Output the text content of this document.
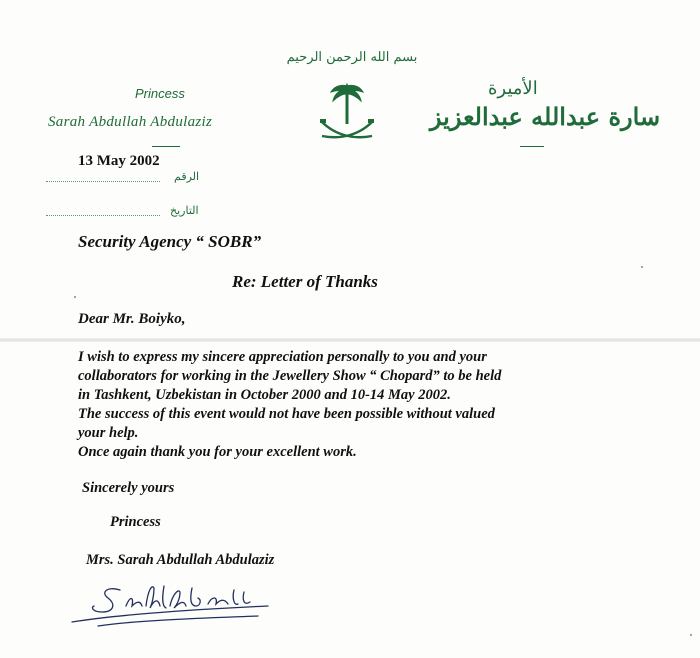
بسم الله الرحمن الرحيم
Princess
Sarah Abdullah Abdulaziz
الأميرة
سارة عبدالله عبدالعزيز
13 May 2002
الرقم
التاريخ
Security Agency “ SOBR”
Re: Letter of Thanks
Dear Mr. Boiyko,
I wish to express my sincere appreciation personally to you and your
collaborators for working in the Jewellery Show “ Chopard” to be held
in Tashkent, Uzbekistan in October 2000 and 10-14 May 2002.
The success of this event would not have been possible without valued
your help.
Once again thank you for your excellent work.
Sincerely yours
Princess
Mrs. Sarah Abdullah Abdulaziz
